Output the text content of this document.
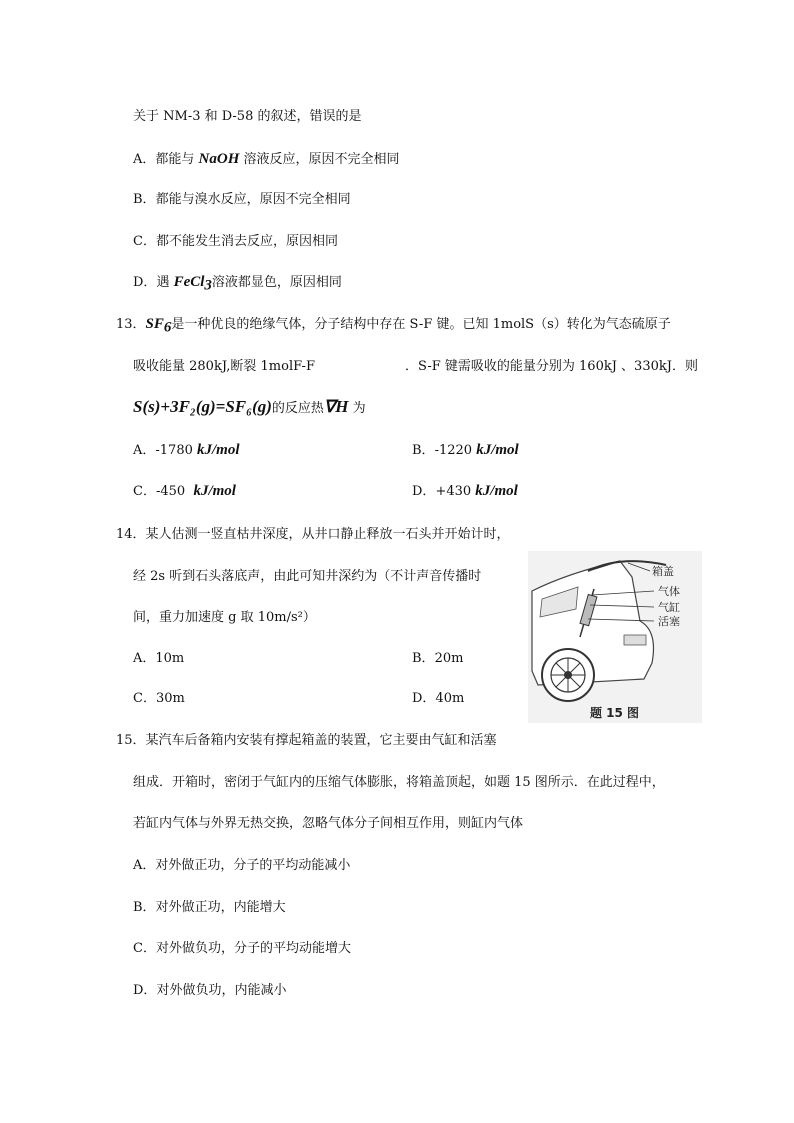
关于 NM-3 和 D-58 的叙述，错误的是
A．都能与 NaOH 溶液反应，原因不完全相同
B．都能与溴水反应，原因不完全相同
C．都不能发生消去反应，原因相同
D．遇 FeCl$_3$溶液都显色，原因相同
13．$SF_6$是一种优良的绝缘气体，分子结构中存在 S-F 键。已知 1molS（s）转化为气态硫原子
吸收能量 280kJ,断裂 1molF-F	．S-F 键需吸收的能量分别为 160kJ 、330kJ．则
S(s)+3F₂(g)=SF₆(g)的反应热∇H 为
A．-1780 kJ/mol	B．-1220 kJ/mol
C．-450 kJ/mol	D．+430 kJ/mol
14．某人估测一竖直枯井深度，从井口静止释放一石头并开始计时，
经 2s 听到石头落底声，由此可知井深约为（不计声音传播时
间，重力加速度 g 取 10m/s²）
A．10m	B．20m
C．30m	D．40m
箱盖
气体
气缸
活塞
题 15 图
15．某汽车后备箱内安装有撑起箱盖的装置，它主要由气缸和活塞
组成．开箱时，密闭于气缸内的压缩气体膨胀，将箱盖顶起，如题 15 图所示．在此过程中，
若缸内气体与外界无热交换，忽略气体分子间相互作用，则缸内气体
A．对外做正功，分子的平均动能减小
B．对外做正功，内能增大
C．对外做负功，分子的平均动能增大
D．对外做负功，内能减小
